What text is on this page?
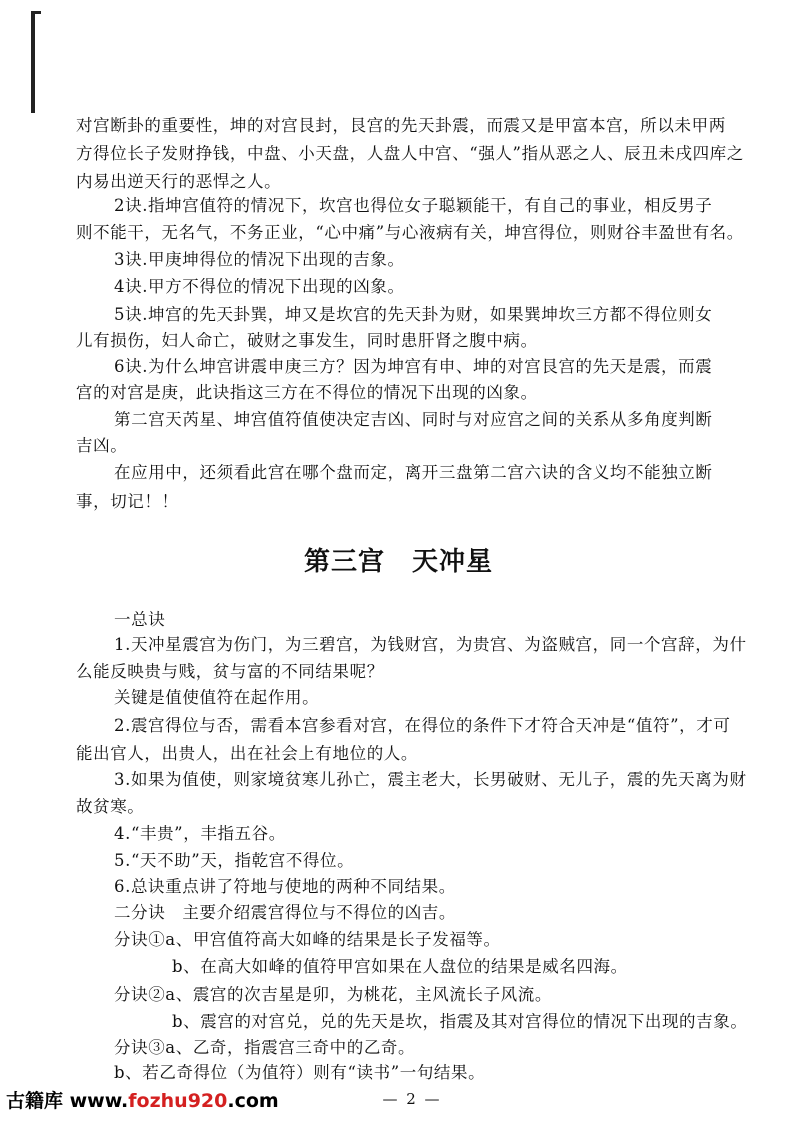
对宫断卦的重要性，坤的对宫艮封，艮宫的先天卦震，而震又是甲富本宫，所以未甲两
方得位长子发财挣钱，中盘、小天盘，人盘人中宫、“强人”指从恶之人、辰丑未戌四库之
内易出逆天行的恶悍之人。
2诀.指坤宫值符的情况下，坎宫也得位女子聪颖能干，有自己的事业，相反男子
则不能干，无名气，不务正业，“心中痛”与心液病有关，坤宫得位，则财谷丰盈世有名。
3诀.甲庚坤得位的情况下出现的吉象。
4诀.甲方不得位的情况下出现的凶象。
5诀.坤宫的先天卦巽，坤又是坎宫的先天卦为财，如果巽坤坎三方都不得位则女
儿有损伤，妇人命亡，破财之事发生，同时患肝肾之腹中病。
6诀.为什么坤宫讲震申庚三方？因为坤宫有申、坤的对宫艮宫的先天是震，而震
宫的对宫是庚，此诀指这三方在不得位的情况下出现的凶象。
第二宫天芮星、坤宫值符值使决定吉凶、同时与对应宫之间的关系从多角度判断
吉凶。
在应用中，还须看此宫在哪个盘而定，离开三盘第二宫六诀的含义均不能独立断
事，切记！！
第三宫　天冲星
一总诀
1.天冲星震宫为伤门，为三碧宫，为钱财宫，为贵宫、为盗贼宫，同一个宫辞，为什
么能反映贵与贱，贫与富的不同结果呢？
关键是值使值符在起作用。
2.震宫得位与否，需看本宫参看对宫，在得位的条件下才符合天冲是“值符”，才可
能出官人，出贵人，出在社会上有地位的人。
3.如果为值使，则家境贫寒儿孙亡，震主老大，长男破财、无儿子，震的先天离为财
故贫寒。
4.“丰贵”，丰指五谷。
5.“天不助”天，指乾宫不得位。
6.总诀重点讲了符地与使地的两种不同结果。
二分诀　主要介绍震宫得位与不得位的凶吉。
分诀①a、甲宫值符高大如峰的结果是长子发福等。
b、在高大如峰的值符甲宫如果在人盘位的结果是威名四海。
分诀②a、震宫的次吉星是卯，为桃花，主风流长子风流。
b、震宫的对宫兑，兑的先天是坎，指震及其对宫得位的情况下出现的吉象。
分诀③a、乙奇，指震宫三奇中的乙奇。
b、若乙奇得位（为值符）则有“读书”一句结果。
古籍库 www.fozhu920.com	— 2 —
